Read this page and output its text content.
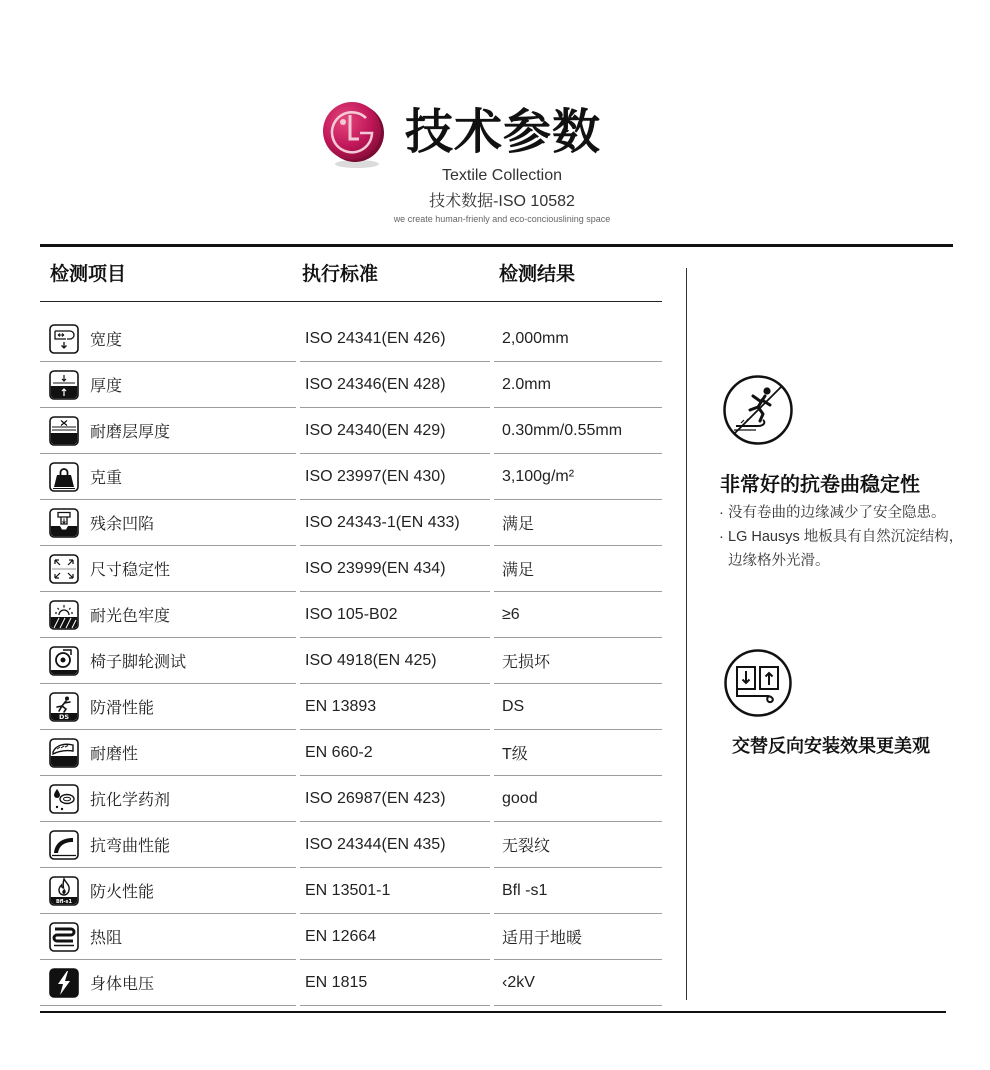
技术参数
Textile Collection
技术数据-ISO 10582
we create human-frienly and eco-conciouslining space
检测项目	执行标准	检测结果
宽度	ISO 24341(EN 426)	2,000mm
厚度	ISO 24346(EN 428)	2.0mm
耐磨层厚度	ISO 24340(EN 429)	0.30mm/0.55mm
克重	ISO 23997(EN 430)	3,100g/m²
残余凹陷	ISO 24343-1(EN 433)	满足
尺寸稳定性	ISO 23999(EN 434)	满足
耐光色牢度	ISO 105-B02	≥6
椅子脚轮测试	ISO 4918(EN 425)	无损坏
DS 防滑性能	EN 13893	DS
耐磨性	EN 660-2	T级
抗化学药剂	ISO 26987(EN 423)	good
抗弯曲性能	ISO 24344(EN 435)	无裂纹
Bfl-s1
防火性能	EN 13501-1	Bfl -s1
热阻	EN 12664	适用于地暖
身体电压	EN 1815	‹2kV
非常好的抗卷曲稳定性
· 没有卷曲的边缘减少了安全隐患。
· LG Hausys 地板具有自然沉淀结构，
边缘格外光滑。
交替反向安装效果更美观
